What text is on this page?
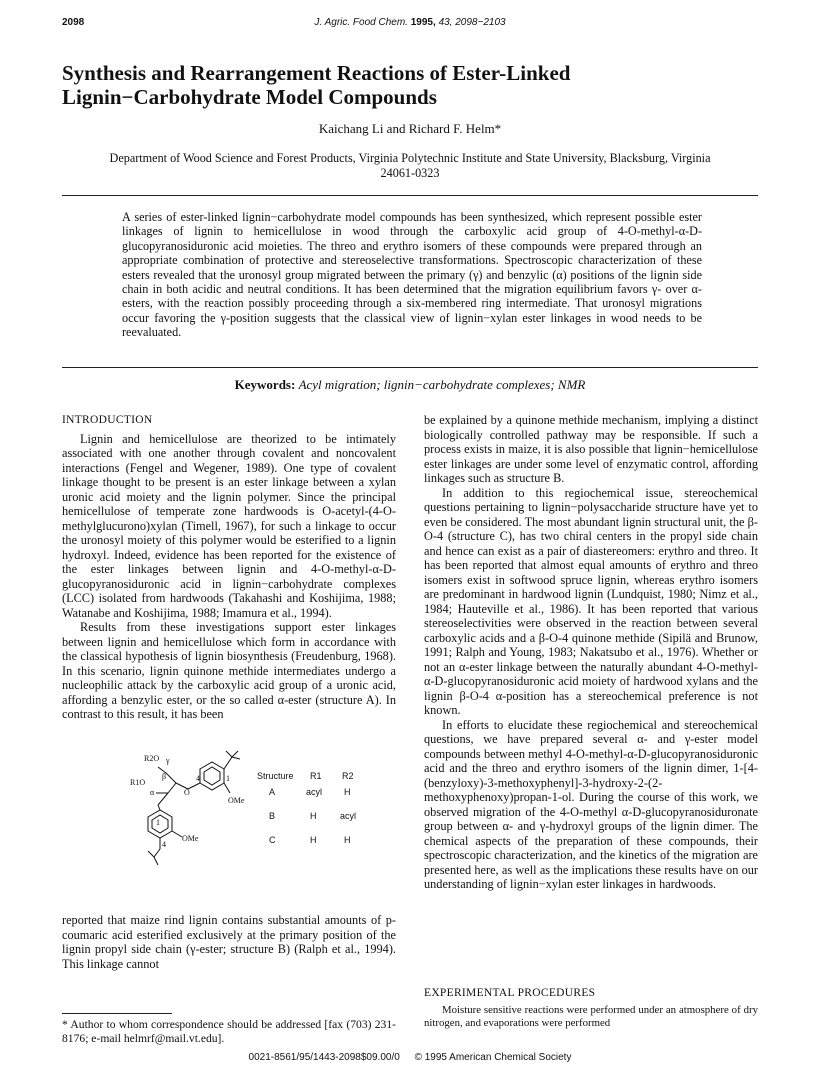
2098	J. Agric. Food Chem. 1995, 43, 2098−2103
Synthesis and Rearrangement Reactions of Ester-Linked Lignin−Carbohydrate Model Compounds
Kaichang Li and Richard F. Helm*
Department of Wood Science and Forest Products, Virginia Polytechnic Institute and State University, Blacksburg, Virginia 24061-0323

A series of ester-linked lignin−carbohydrate model compounds has been synthesized, which represent possible ester linkages of lignin to hemicellulose in wood through the carboxylic acid group of 4-O-methyl-α-D-glucopyranosiduronic acid moieties. The threo and erythro isomers of these compounds were prepared through an appropriate combination of protective and stereoselective transformations. Spectroscopic characterization of these esters revealed that the uronosyl group migrated between the primary (γ) and benzylic (α) positions of the lignin side chain in both acidic and neutral conditions. It has been determined that the migration equilibrium favors γ- over α-esters, with the reaction possibly proceeding through a six-membered ring intermediate. That uronosyl migrations occur favoring the γ-position suggests that the classical view of lignin−xylan ester linkages in wood needs to be reevaluated.

Keywords: Acyl migration; lignin−carbohydrate complexes; NMR

INTRODUCTION

Lignin and hemicellulose are theorized to be intimately associated with one another through covalent and noncovalent interactions (Fengel and Wegener, 1989). One type of covalent linkage thought to be present is an ester linkage between a xylan uronic acid moiety and the lignin polymer. Since the principal hemicellulose of temperate zone hardwoods is O-acetyl-(4-O-methylglucurono)xylan (Timell, 1967), for such a linkage to occur the uronosyl moiety of this polymer would be esterified to a lignin hydroxyl. Indeed, evidence has been reported for the existence of the ester linkages between lignin and 4-O-methyl-α-D-glucopyranosiduronic acid in lignin−carbohydrate complexes (LCC) isolated from hardwoods (Takahashi and Koshijima, 1988; Watanabe and Koshijima, 1988; Imamura et al., 1994).

Results from these investigations support ester linkages between lignin and hemicellulose which form in accordance with the classical hypothesis of lignin biosynthesis (Freudenburg, 1968). In this scenario, lignin quinone methide intermediates undergo a nucleophilic attack by the carboxylic acid group of a uronic acid, affording a benzylic ester, or the so called α-ester (structure A). In contrast to this result, it has been

R2O γ
β
R1O
α	O
1
4
OMe
1
4
OMe
Structure R1 R2
A	acyl H
B	H	acyl
C	H	H

reported that maize rind lignin contains substantial amounts of p-coumaric acid esterified exclusively at the primary position of the lignin propyl side chain (γ-ester; structure B) (Ralph et al., 1994). This linkage cannot

* Author to whom correspondence should be addressed [fax (703) 231-8176; e-mail helmrf@mail.vt.edu].

be explained by a quinone methide mechanism, implying a distinct biologically controlled pathway may be responsible. If such a process exists in maize, it is also possible that lignin−hemicellulose ester linkages are under some level of enzymatic control, affording linkages such as structure B.

In addition to this regiochemical issue, stereochemical questions pertaining to lignin−polysaccharide structure have yet to even be considered. The most abundant lignin structural unit, the β-O-4 (structure C), has two chiral centers in the propyl side chain and hence can exist as a pair of diastereomers: erythro and threo. It has been reported that almost equal amounts of erythro and threo isomers exist in softwood spruce lignin, whereas erythro isomers are predominant in hardwood lignin (Lundquist, 1980; Nimz et al., 1984; Hauteville et al., 1986). It has been reported that various stereoselectivities were observed in the reaction between several carboxylic acids and a β-O-4 quinone methide (Sipilä and Brunow, 1991; Ralph and Young, 1983; Nakatsubo et al., 1976). Whether or not an α-ester linkage between the naturally abundant 4-O-methyl-α-D-glucopyranosiduronic acid moiety of hardwood xylans and the lignin β-O-4 α-position has a stereochemical preference is not known.

In efforts to elucidate these regiochemical and stereochemical questions, we have prepared several α- and γ-ester model compounds between methyl 4-O-methyl-α-D-glucopyranosiduronic acid and the threo and erythro isomers of the lignin dimer, 1-[4-(benzyloxy)-3-methoxyphenyl]-3-hydroxy-2-(2-methoxyphenoxy)propan-1-ol. During the course of this work, we observed migration of the 4-O-methyl α-D-glucopyranosiduronate group between α- and γ-hydroxyl groups of the lignin dimer. The chemical aspects of the preparation of these compounds, their spectroscopic characterization, and the kinetics of the migration are presented here, as well as the implications these results have on our understanding of lignin−xylan ester linkages in hardwoods.

EXPERIMENTAL PROCEDURES

Moisture sensitive reactions were performed under an atmosphere of dry nitrogen, and evaporations were performed

0021-8561/95/1443-2098$09.00/0 © 1995 American Chemical Society
